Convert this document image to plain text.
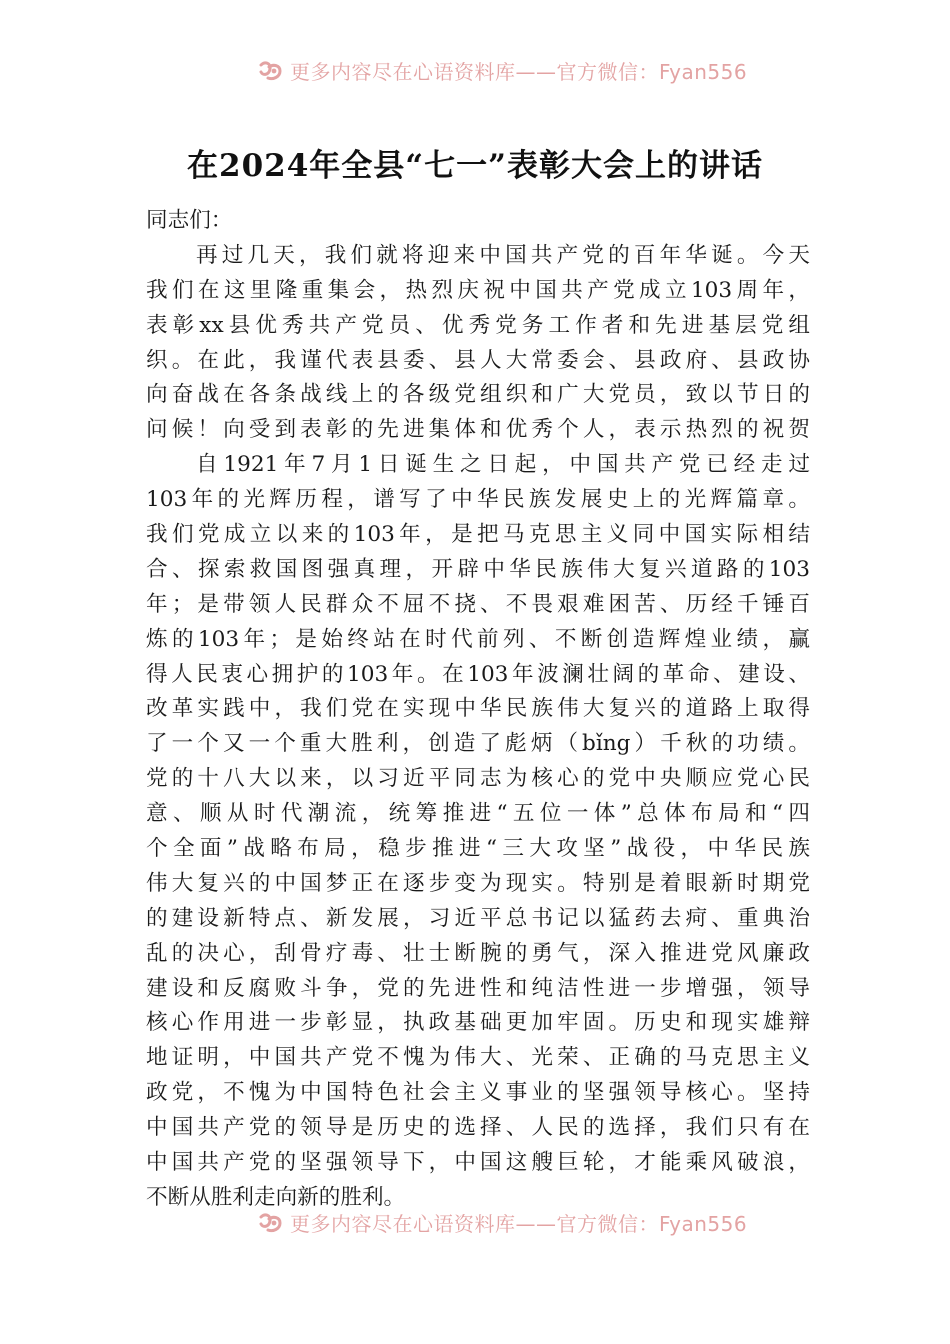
更多内容尽在心语资料库——官方微信：Fyan556
在2024年全县“七一”表彰大会上的讲话
同志们：
再过几天，我们就将迎来中国共产党的百年华诞。今天
我们在这里隆重集会，热烈庆祝中国共产党成立103周年，
表彰xx县优秀共产党员、优秀党务工作者和先进基层党组
织。在此，我谨代表县委、县人大常委会、县政府、县政协
向奋战在各条战线上的各级党组织和广大党员，致以节日的
问候！向受到表彰的先进集体和优秀个人，表示热烈的祝贺
自1921年7月1日诞生之日起，中国共产党已经走过
103年的光辉历程，谱写了中华民族发展史上的光辉篇章。
我们党成立以来的103年，是把马克思主义同中国实际相结
合、探索救国图强真理，开辟中华民族伟大复兴道路的103
年；是带领人民群众不屈不挠、不畏艰难困苦、历经千锤百
炼的103年；是始终站在时代前列、不断创造辉煌业绩，赢
得人民衷心拥护的103年。在103年波澜壮阔的革命、建设、
改革实践中，我们党在实现中华民族伟大复兴的道路上取得
了一个又一个重大胜利，创造了彪炳（bǐng）千秋的功绩。
党的十八大以来，以习近平同志为核心的党中央顺应党心民
意、顺从时代潮流，统筹推进“五位一体”总体布局和“四
个全面”战略布局，稳步推进“三大攻坚”战役，中华民族
伟大复兴的中国梦正在逐步变为现实。特别是着眼新时期党
的建设新特点、新发展，习近平总书记以猛药去疴、重典治
乱的决心，刮骨疗毒、壮士断腕的勇气，深入推进党风廉政
建设和反腐败斗争，党的先进性和纯洁性进一步增强，领导
核心作用进一步彰显，执政基础更加牢固。历史和现实雄辩
地证明，中国共产党不愧为伟大、光荣、正确的马克思主义
政党，不愧为中国特色社会主义事业的坚强领导核心。坚持
中国共产党的领导是历史的选择、人民的选择，我们只有在
中国共产党的坚强领导下，中国这艘巨轮，才能乘风破浪，
不断从胜利走向新的胜利。
更多内容尽在心语资料库——官方微信：Fyan556
